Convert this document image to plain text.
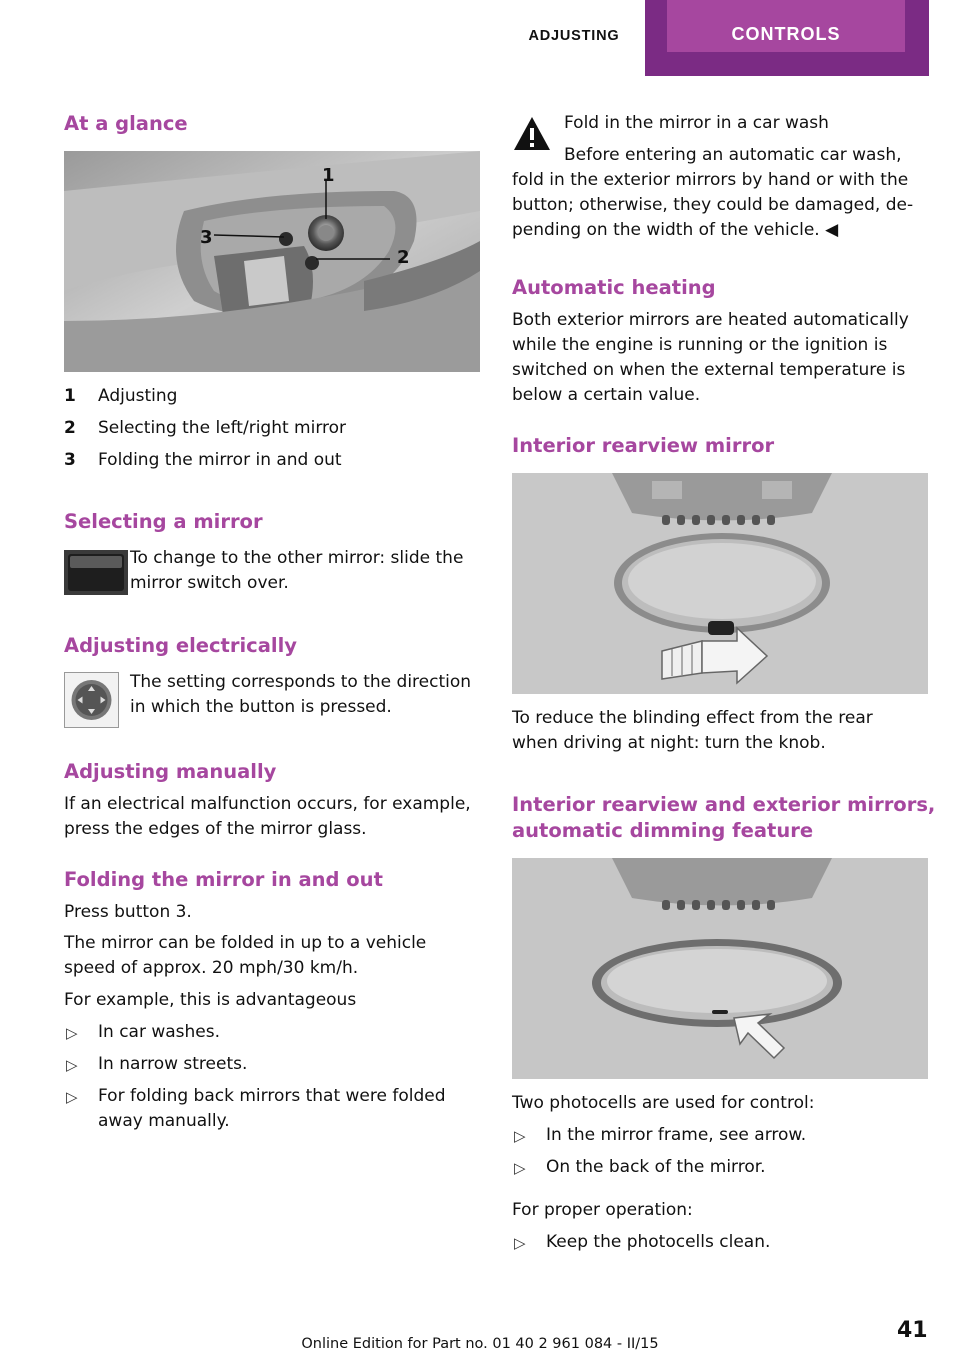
ADJUSTING	CONTROLS
At a glance
1
2
3
1 Adjusting
2 Selecting the left/right mirror
3 Folding the mirror in and out
Selecting a mirror
To change to the other mirror: slide the
mirror switch over.
Adjusting electrically
The setting corresponds to the direction
in which the button is pressed.
Adjusting manually
If an electrical malfunction occurs, for example,
press the edges of the mirror glass.
Folding the mirror in and out
Press button 3.
The mirror can be folded in up to a vehicle
speed of approx. 20 mph/30 km/h.
For example, this is advantageous
▷ In car washes.
▷ In narrow streets.
▷ For folding back mirrors that were folded
away manually.
Fold in the mirror in a car wash
Before entering an automatic car wash,
fold in the exterior mirrors by hand or with the
button; otherwise, they could be damaged, de‐
pending on the width of the vehicle. ◀
Automatic heating
Both exterior mirrors are heated automatically
while the engine is running or the ignition is
switched on when the external temperature is
below a certain value.
Interior rearview mirror
To reduce the blinding effect from the rear
when driving at night: turn the knob.
Interior rearview and exterior mirrors,
automatic dimming feature
Two photocells are used for control:
▷ In the mirror frame, see arrow.
▷ On the back of the mirror.
For proper operation:
▷ Keep the photocells clean.
41
Online Edition for Part no. 01 40 2 961 084 - II/15
